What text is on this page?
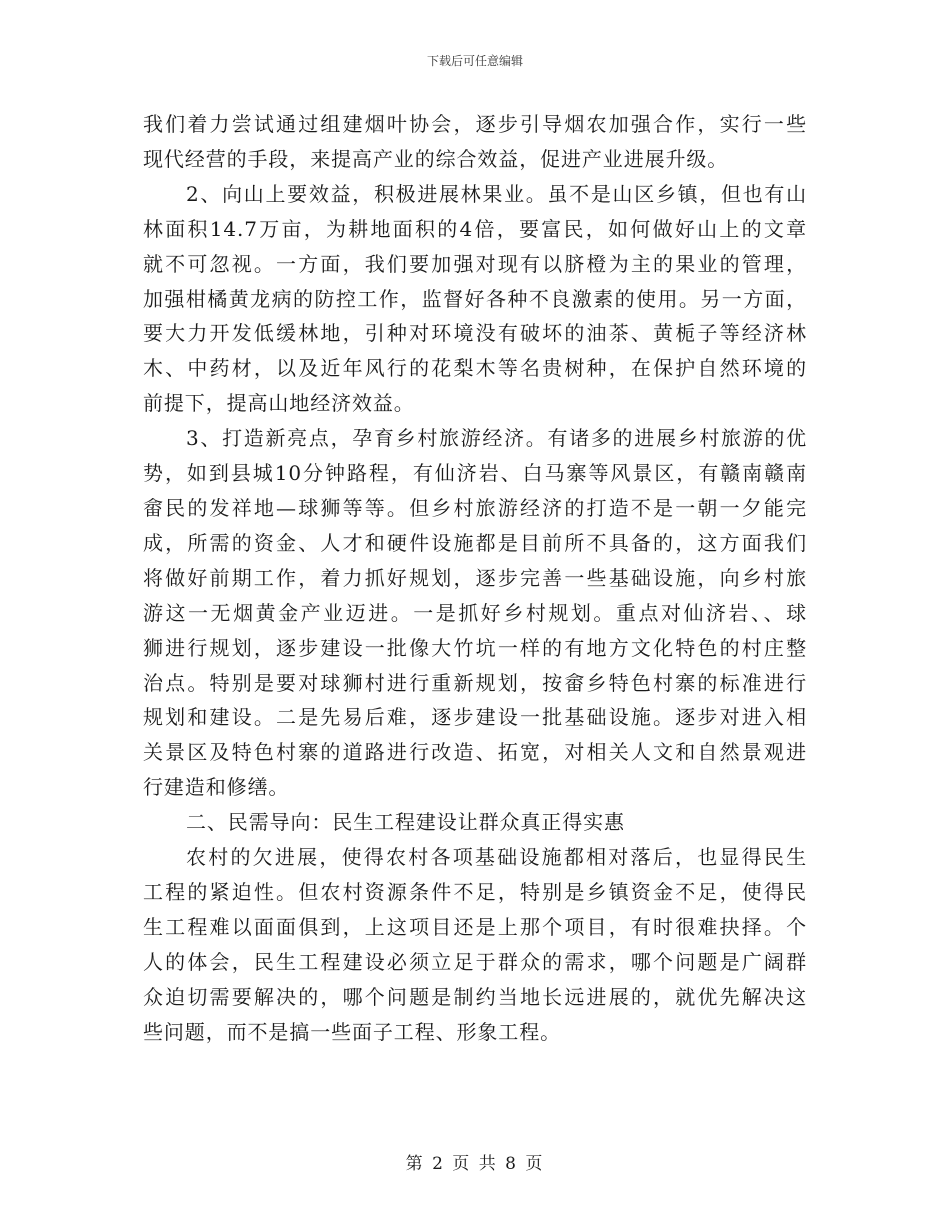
下载后可任意编辑

我们着力尝试通过组建烟叶协会，逐步引导烟农加强合作，实行一些
现代经营的手段，来提高产业的综合效益，促进产业进展升级。

2、向山上要效益，积极进展林果业。虽不是山区乡镇，但也有山
林面积14.7万亩，为耕地面积的4倍，要富民，如何做好山上的文章
就不可忽视。一方面，我们要加强对现有以脐橙为主的果业的管理，
加强柑橘黄龙病的防控工作，监督好各种不良激素的使用。另一方面，
要大力开发低缓林地，引种对环境没有破坏的油茶、黄栀子等经济林
木、中药材，以及近年风行的花梨木等名贵树种，在保护自然环境的
前提下，提高山地经济效益。

3、打造新亮点，孕育乡村旅游经济。有诸多的进展乡村旅游的优
势，如到县城10分钟路程，有仙济岩、白马寨等风景区，有赣南赣南
畲民的发祥地—球狮等等。但乡村旅游经济的打造不是一朝一夕能完
成，所需的资金、人才和硬件设施都是目前所不具备的，这方面我们
将做好前期工作，着力抓好规划，逐步完善一些基础设施，向乡村旅
游这一无烟黄金产业迈进。一是抓好乡村规划。重点对仙济岩、、球
狮进行规划，逐步建设一批像大竹坑一样的有地方文化特色的村庄整
治点。特别是要对球狮村进行重新规划，按畲乡特色村寨的标准进行
规划和建设。二是先易后难，逐步建设一批基础设施。逐步对进入相
关景区及特色村寨的道路进行改造、拓宽，对相关人文和自然景观进
行建造和修缮。

二、民需导向：民生工程建设让群众真正得实惠

农村的欠进展，使得农村各项基础设施都相对落后，也显得民生
工程的紧迫性。但农村资源条件不足，特别是乡镇资金不足，使得民
生工程难以面面俱到，上这项目还是上那个项目，有时很难抉择。个
人的体会，民生工程建设必须立足于群众的需求，哪个问题是广阔群
众迫切需要解决的，哪个问题是制约当地长远进展的，就优先解决这
些问题，而不是搞一些面子工程、形象工程。

第 2 页 共 8 页
